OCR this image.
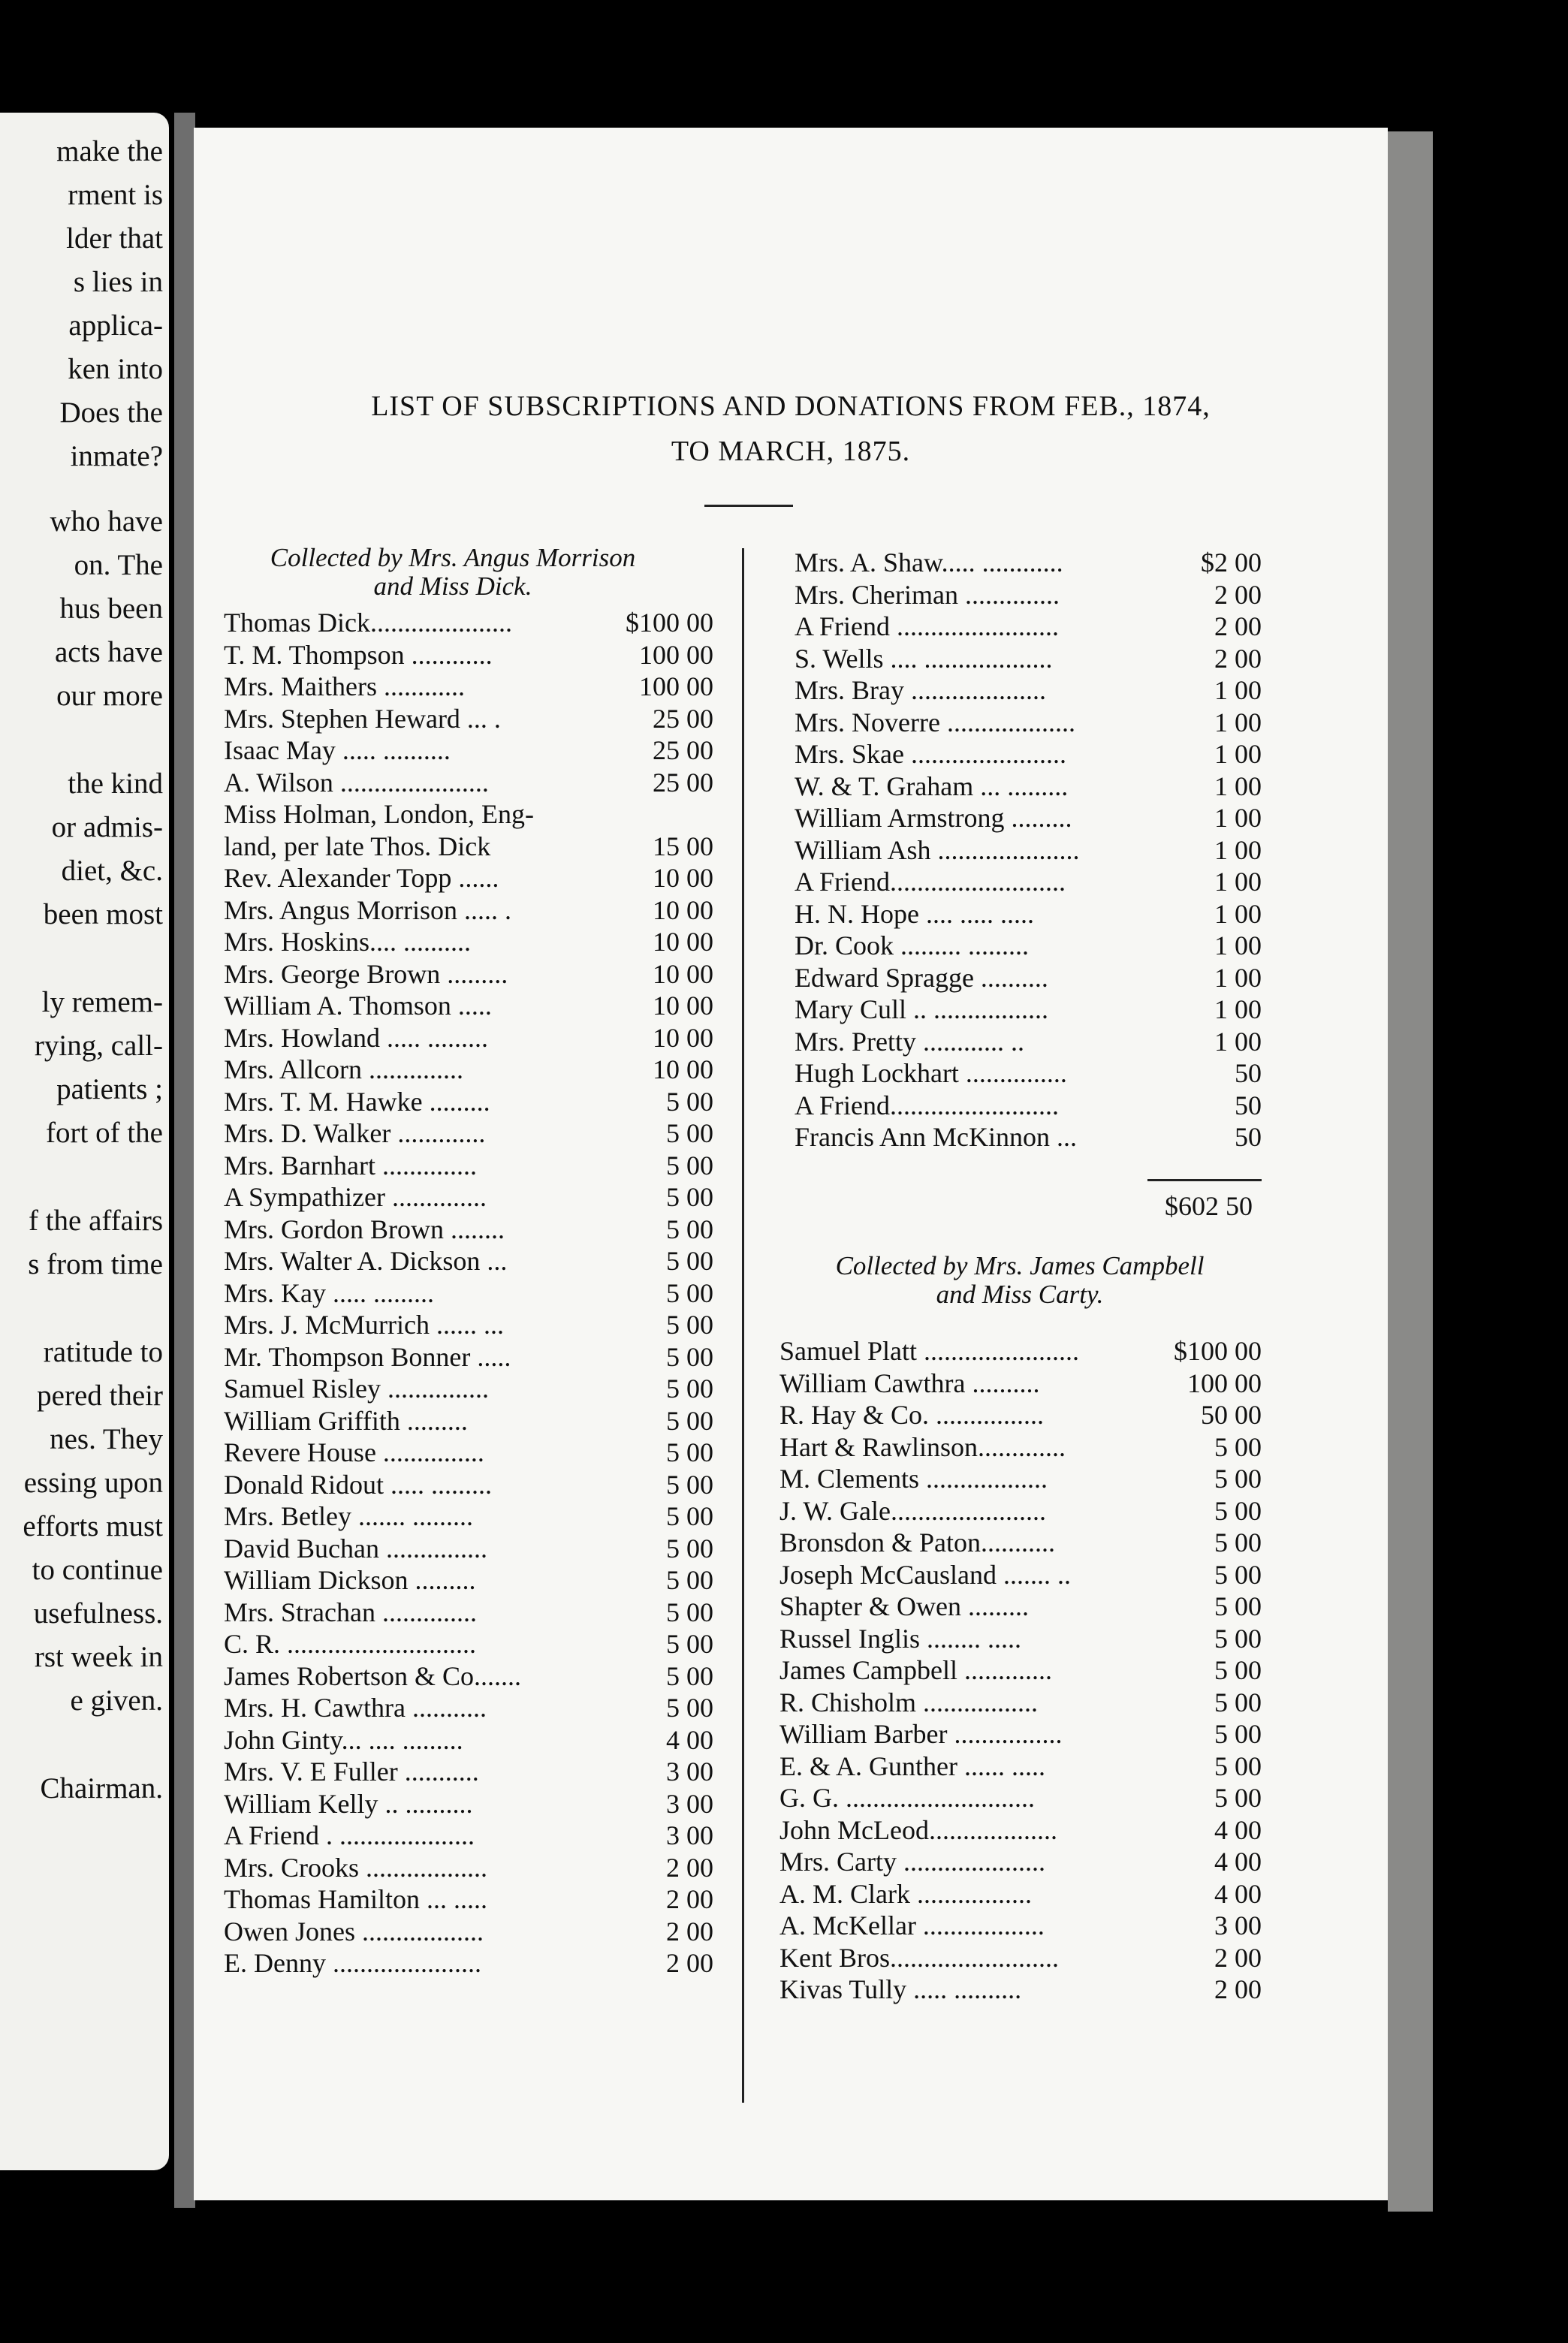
make the
rment is
lder that
s lies in
applica-
ken into
Does the
inmate?
who have
on. The
hus been
acts have
our more
the kind
or admis-
diet, &c.
been most
ly remem-
rying, call-
patients ;
fort of the
f the affairs
s from time
ratitude to
pered their
nes. They
essing upon
efforts must
to continue
usefulness.
rst week in
e given.
Chairman.
LIST OF SUBSCRIPTIONS AND DONATIONS FROM FEB., 1874,
TO MARCH, 1875.
Collected by Mrs. Angus Morrison
and Miss Dick.
Thomas Dick.....................	$100 00
T. M. Thompson ............	100 00
Mrs. Maithers ............	100 00
Mrs. Stephen Heward ... .	25 00
Isaac May ..... ..........	25 00
A. Wilson ......................	25 00
Miss Holman, London, Eng-
land, per late Thos. Dick	15 00
Rev. Alexander Topp ......	10 00
Mrs. Angus Morrison ..... .	10 00
Mrs. Hoskins.... ..........	10 00
Mrs. George Brown .........	10 00
William A. Thomson .....	10 00
Mrs. Howland ..... .........	10 00
Mrs. Allcorn ..............	10 00
Mrs. T. M. Hawke .........	5 00
Mrs. D. Walker .............	5 00
Mrs. Barnhart ..............	5 00
A Sympathizer ..............	5 00
Mrs. Gordon Brown ........	5 00
Mrs. Walter A. Dickson ...	5 00
Mrs. Kay ..... .........	5 00
Mrs. J. McMurrich ...... ...	5 00
Mr. Thompson Bonner .....	5 00
Samuel Risley ...............	5 00
William Griffith .........	5 00
Revere House ...............	5 00
Donald Ridout ..... .........	5 00
Mrs. Betley ....... .........	5 00
David Buchan ...............	5 00
William Dickson .........	5 00
Mrs. Strachan ..............	5 00
C. R. ............................	5 00
James Robertson & Co.......	5 00
Mrs. H. Cawthra ...........	5 00
John Ginty... .... .........	4 00
Mrs. V. E Fuller ...........	3 00
William Kelly .. ..........	3 00
A Friend . ....................	3 00
Mrs. Crooks ..................	2 00
Thomas Hamilton ... .....	2 00
Owen Jones ..................	2 00
E. Denny ......................	2 00
Mrs. A. Shaw..... ............	$2 00
Mrs. Cheriman ..............	2 00
A Friend ........................	2 00
S. Wells .... ...................	2 00
Mrs. Bray ....................	1 00
Mrs. Noverre ...................	1 00
Mrs. Skae .......................	1 00
W. & T. Graham ... .........	1 00
William Armstrong .........	1 00
William Ash .....................	1 00
A Friend..........................	1 00
H. N. Hope .... ..... .....	1 00
Dr. Cook ......... .........	1 00
Edward Spragge ..........	1 00
Mary Cull .. .................	1 00
Mrs. Pretty ............ ..	1 00
Hugh Lockhart ...............	50
A Friend.........................	50
Francis Ann McKinnon ...	50
$602 50
Collected by Mrs. James Campbell
and Miss Carty.
Samuel Platt .......................	$100 00
William Cawthra ..........	100 00
R. Hay & Co. ................	50 00
Hart & Rawlinson.............	5 00
M. Clements ..................	5 00
J. W. Gale.......................	5 00
Bronsdon & Paton...........	5 00
Joseph McCausland ....... ..	5 00
Shapter & Owen .........	5 00
Russel Inglis ........ .....	5 00
James Campbell .............	5 00
R. Chisholm .................	5 00
William Barber ................	5 00
E. & A. Gunther ...... .....	5 00
G. G. ............................	5 00
John McLeod...................	4 00
Mrs. Carty .....................	4 00
A. M. Clark .................	4 00
A. McKellar ..................	3 00
Kent Bros.........................	2 00
Kivas Tully ..... ..........	2 00
